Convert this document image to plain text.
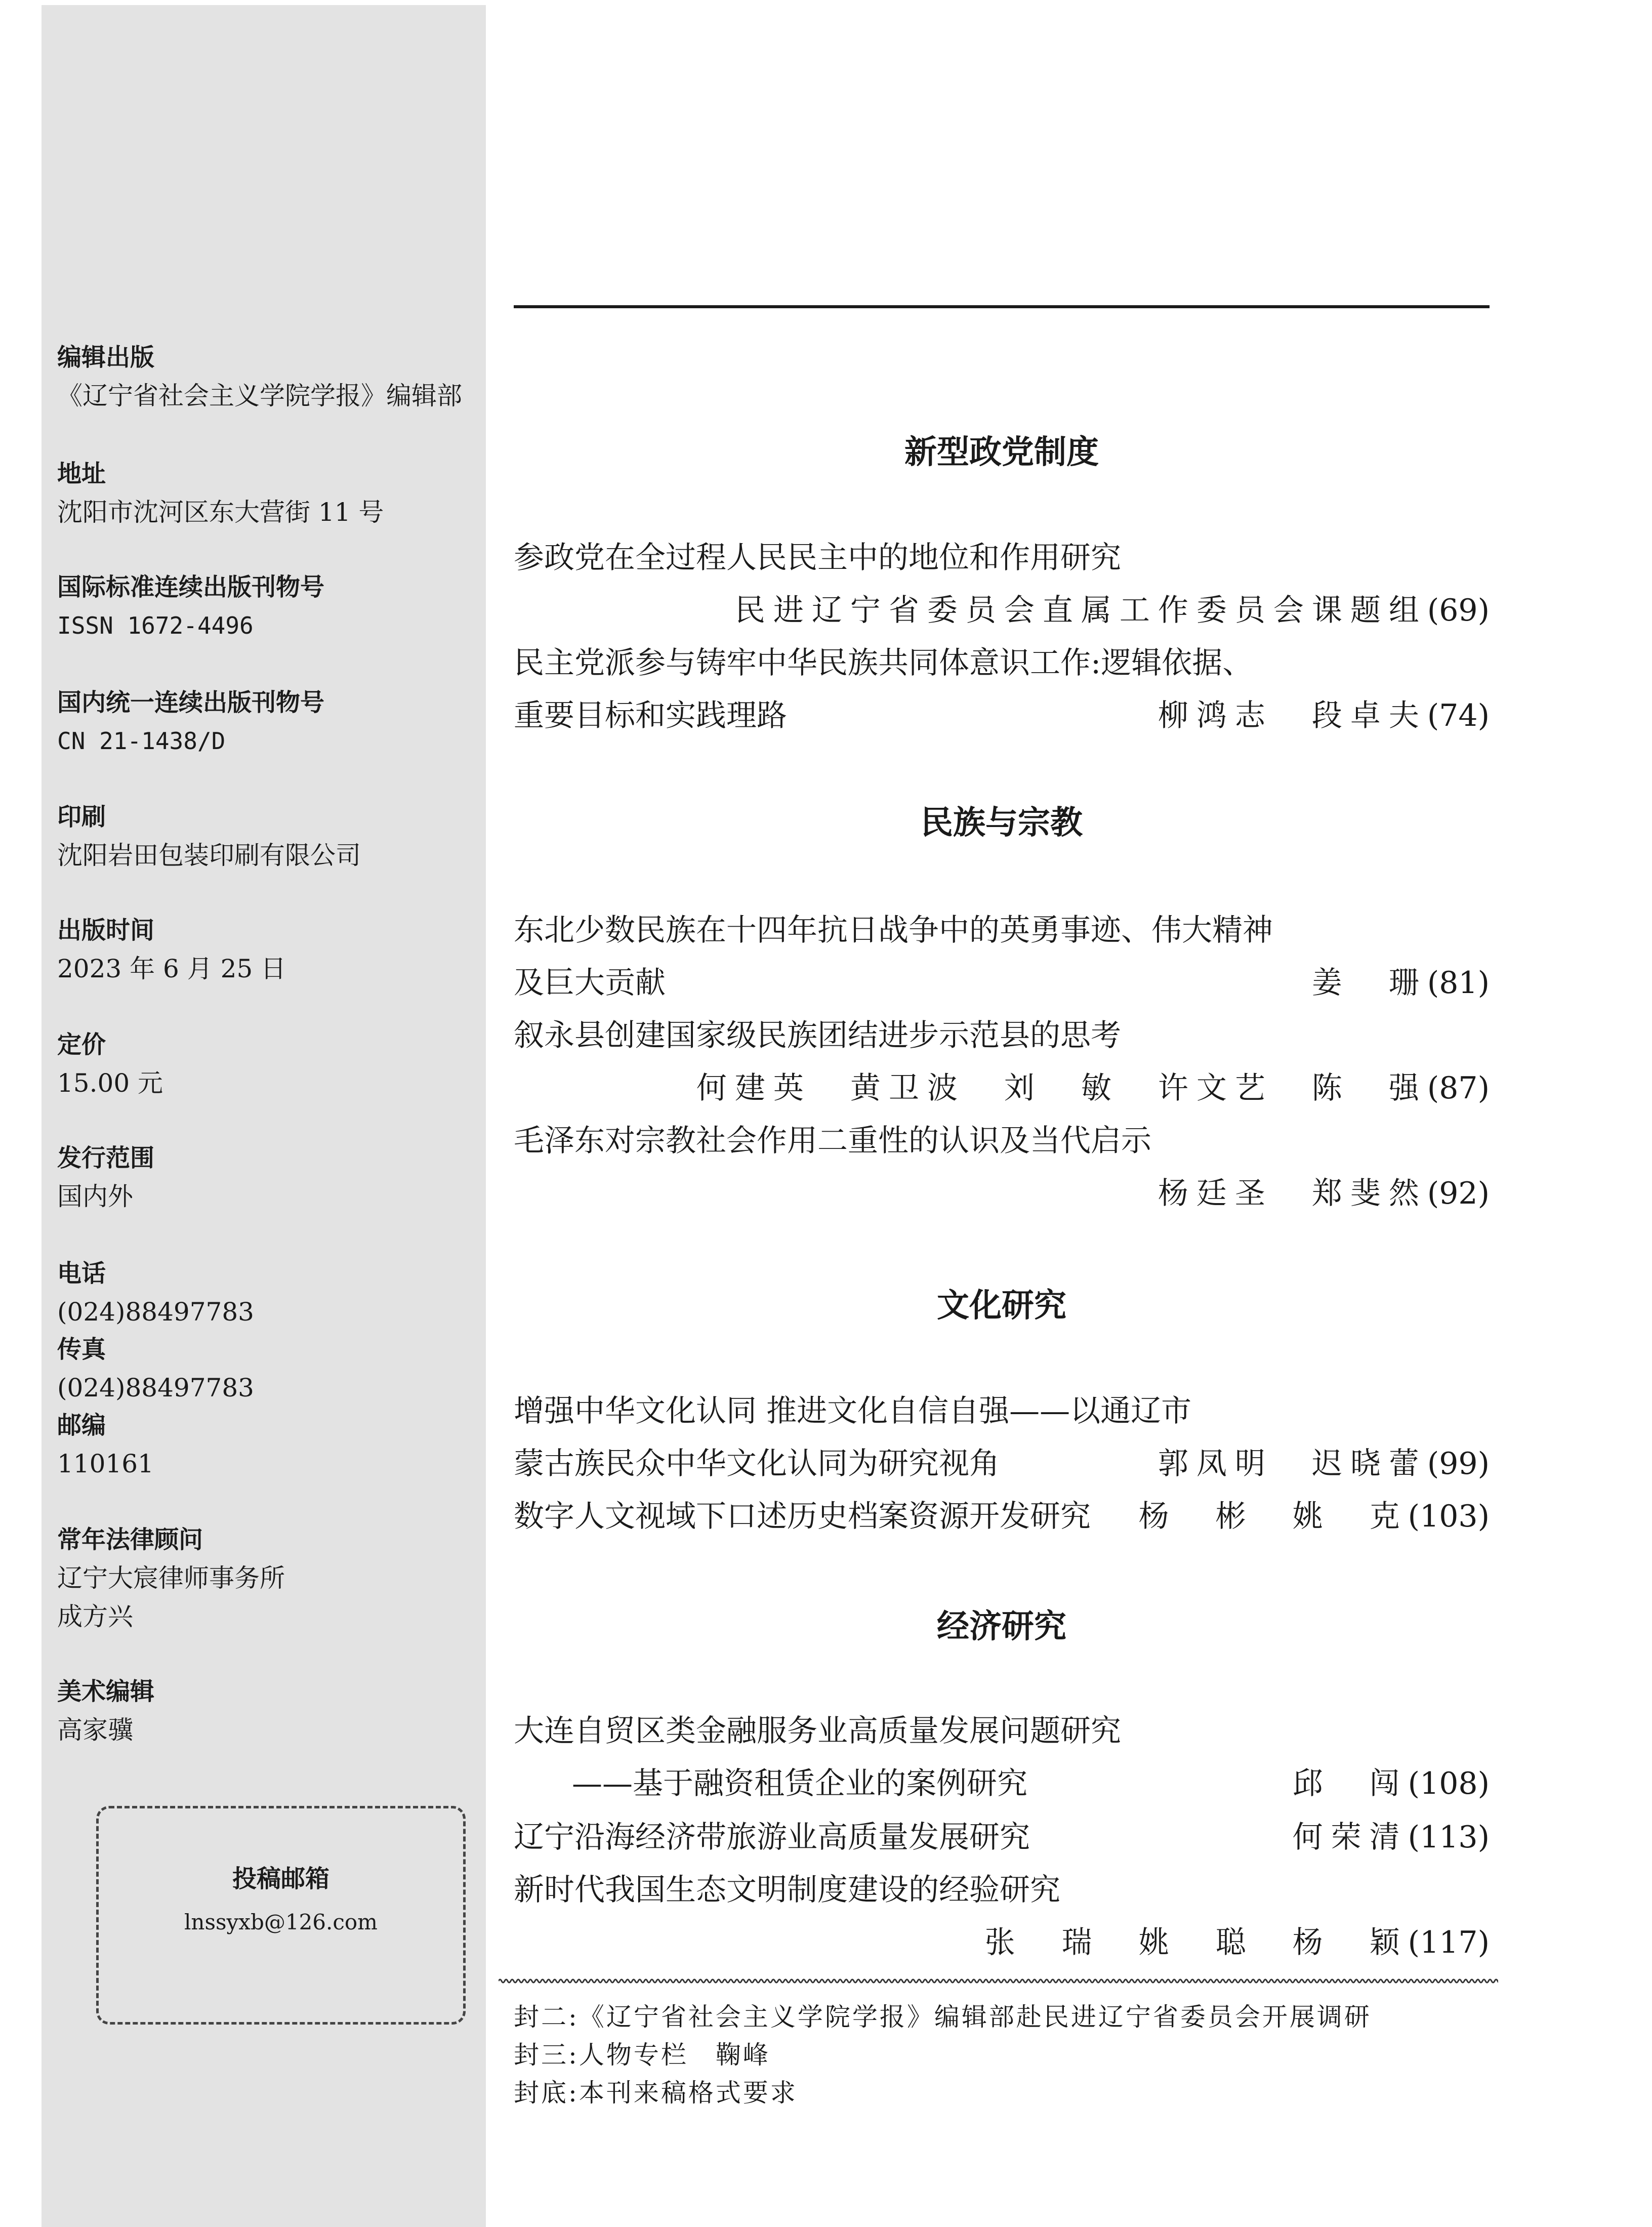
编辑出版
《辽宁省社会主义学院学报》编辑部
地址
沈阳市沈河区东大营街 11 号
国际标准连续出版刊物号
ISSN 1672-4496
国内统一连续出版刊物号
CN 21-1438/D
印刷
沈阳岩田包装印刷有限公司
出版时间
2023 年 6 月 25 日
定价
15.00 元
发行范围
国内外
电话
(024)88497783
传真
(024)88497783
邮编
110161
常年法律顾问
辽宁大宸律师事务所
成方兴
美术编辑
高家骥
投稿邮箱
lnssyxb@126.com
新型政党制度
参政党在全过程人民民主中的地位和作用研究
民进辽宁省委员会直属工作委员会课题组(69)
民主党派参与铸牢中华民族共同体意识工作:逻辑依据、
重要目标和实践理路	柳鸿志　段卓夫(74)
民族与宗教
东北少数民族在十四年抗日战争中的英勇事迹、伟大精神
及巨大贡献	姜　珊(81)
叙永县创建国家级民族团结进步示范县的思考
何建英　黄卫波　刘　敏　许文艺　陈　强(87)
毛泽东对宗教社会作用二重性的认识及当代启示
杨廷圣　郑斐然(92)
文化研究
增强中华文化认同 推进文化自信自强——以通辽市
蒙古族民众中华文化认同为研究视角	郭凤明　迟晓蕾(99)
数字人文视域下口述历史档案资源开发研究 杨　彬　姚　克(103)
经济研究
大连自贸区类金融服务业高质量发展问题研究
——基于融资租赁企业的案例研究	邱　闯(108)
辽宁沿海经济带旅游业高质量发展研究	何荣清(113)
新时代我国生态文明制度建设的经验研究
张　瑞　姚　聪　杨　颖(117)
封二:《辽宁省社会主义学院学报》编辑部赴民进辽宁省委员会开展调研
封三:人物专栏　鞠峰
封底:本刊来稿格式要求
